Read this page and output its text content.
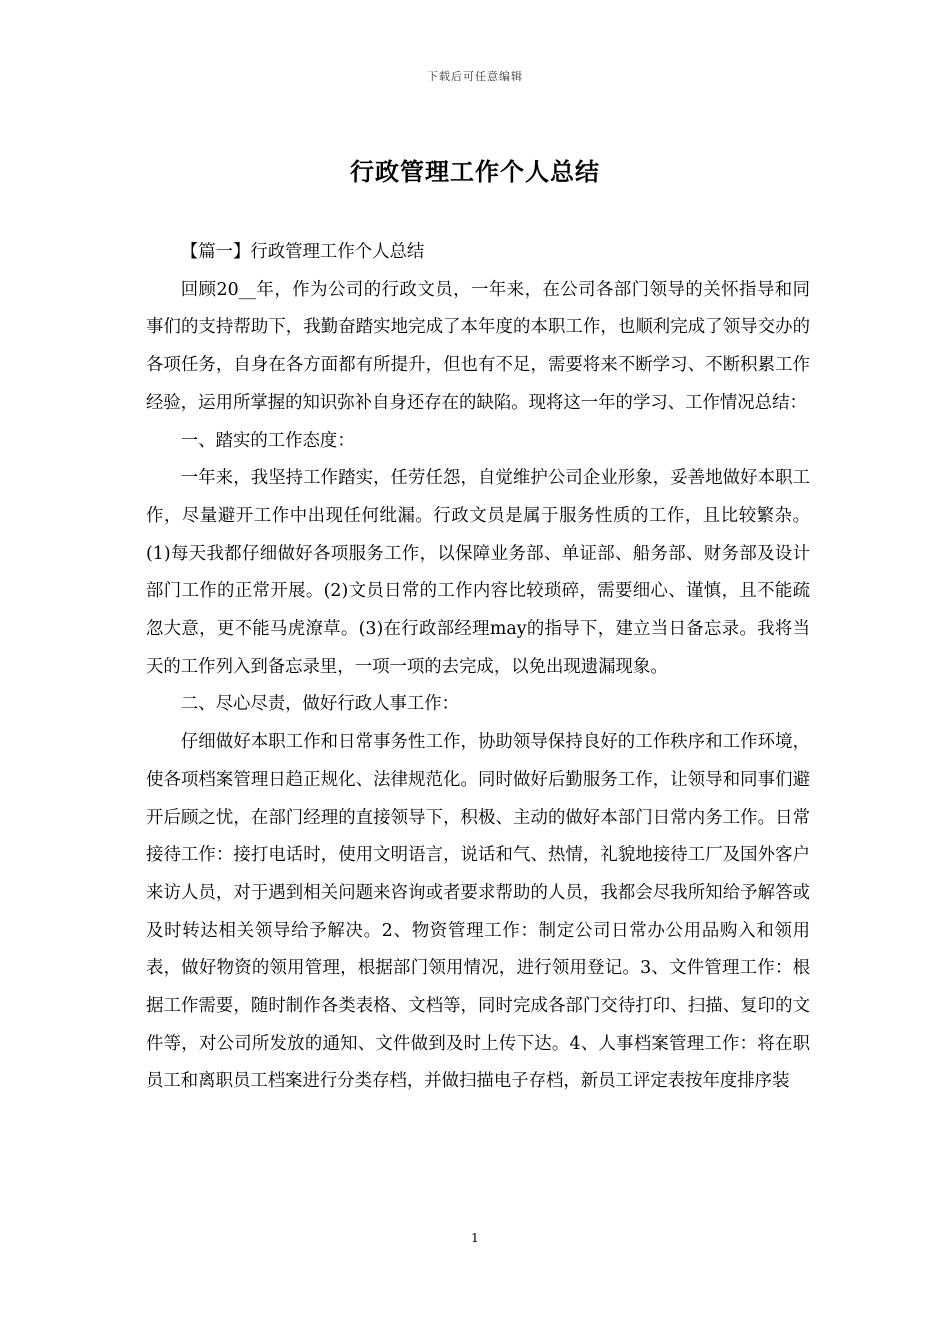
下载后可任意编辑
行政管理工作个人总结

【篇一】行政管理工作个人总结

回顾20__年，作为公司的行政文员，一年来，在公司各部门领导的关怀指导和同事们的支持帮助下，我勤奋踏实地完成了本年度的本职工作，也顺利完成了领导交办的各项任务，自身在各方面都有所提升，但也有不足，需要将来不断学习、不断积累工作经验，运用所掌握的知识弥补自身还存在的缺陷。现将这一年的学习、工作情况总结：

一、踏实的工作态度：

一年来，我坚持工作踏实，任劳任怨，自觉维护公司企业形象，妥善地做好本职工作，尽量避开工作中出现任何纰漏。行政文员是属于服务性质的工作，且比较繁杂。(1)每天我都仔细做好各项服务工作，以保障业务部、单证部、船务部、财务部及设计部门工作的正常开展。(2)文员日常的工作内容比较琐碎，需要细心、谨慎，且不能疏忽大意，更不能马虎潦草。(3)在行政部经理may的指导下，建立当日备忘录。我将当天的工作列入到备忘录里，一项一项的去完成，以免出现遗漏现象。

二、尽心尽责，做好行政人事工作：

仔细做好本职工作和日常事务性工作，协助领导保持良好的工作秩序和工作环境，使各项档案管理日趋正规化、法律规范化。同时做好后勤服务工作，让领导和同事们避开后顾之忧，在部门经理的直接领导下，积极、主动的做好本部门日常内务工作。日常接待工作：接打电话时，使用文明语言，说话和气、热情，礼貌地接待工厂及国外客户来访人员，对于遇到相关问题来咨询或者要求帮助的人员，我都会尽我所知给予解答或及时转达相关领导给予解决。2、物资管理工作：制定公司日常办公用品购入和领用表，做好物资的领用管理，根据部门领用情况，进行领用登记。3、文件管理工作：根据工作需要，随时制作各类表格、文档等，同时完成各部门交待打印、扫描、复印的文件等，对公司所发放的通知、文件做到及时上传下达。4、人事档案管理工作：将在职员工和离职员工档案进行分类存档，并做扫描电子存档，新员工评定表按年度排序装

1
